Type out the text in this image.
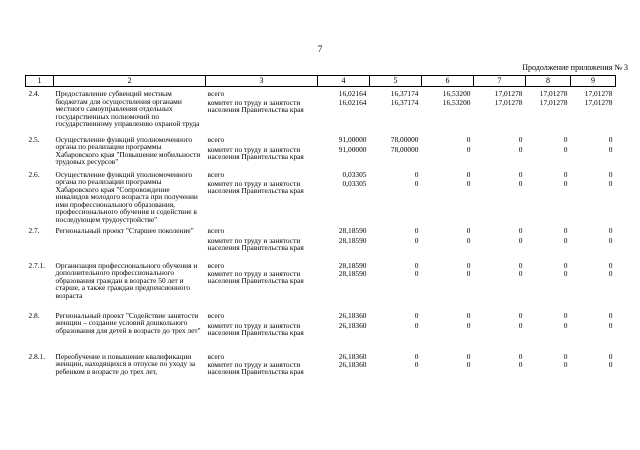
7
Продолжение приложения № 3
1	2	3	4	5	6	7	8	9
2.4.	Предоставление субвенций местным бюджетам для осуществления органами местного самоуправления отдельных государственных полномочий по государственному управлению охраной труда	всего	16,02164	16,37174	16,53200	17,01278	17,01278	17,01278
		комитет по труду и занятости населения Правительства края	16,02164	16,37174	16,53200	17,01278	17,01278	17,01278
2.5.	Осуществление функций уполномоченного органа по реализации программы Хабаровского края "Повышение мобильности трудовых ресурсов"	всего	91,00000	78,00000	0	0	0	0
		комитет по труду и занятости населения Правительства края	91,00000	78,00000	0	0	0	0
2.6.	Осуществление функций уполномоченного органа по реализации программы Хабаровского края "Сопровождение инвалидов молодого возраста при получении ими профессионального образования, профессионального обучения и содействие в последующем трудоустройстве"	всего	0,03305	0	0	0	0	0
		комитет по труду и занятости населения Правительства края	0,03305	0	0	0	0	0
2.7.	Региональный проект "Старшее поколение"	всего	28,18590	0	0	0	0	0
		комитет по труду и занятости населения Правительства края	28,18590	0	0	0	0	0
2.7.1.	Организация профессионального обучения и дополнительного профессионального образования граждан в возрасте 50 лет и старше, а также граждан предпенсионного возраста	всего	28,18590	0	0	0	0	0
		комитет по труду и занятости населения Правительства края	28,18590	0	0	0	0	0
2.8.	Региональный проект "Содействие занятости женщин – создание условий дошкольного образования для детей в возрасте до трех лет"	всего	26,18360	0	0	0	0	0
		комитет по труду и занятости населения Правительства края	26,18360	0	0	0	0	0
2.8.1.	Переобучение и повышение квалификации женщин, находящихся в отпуске по уходу за ребенком в возрасте до трех лет,	всего	26,18360	0	0	0	0	0
		комитет по труду и занятости населения Правительства края	26,18360	0	0	0	0	0
